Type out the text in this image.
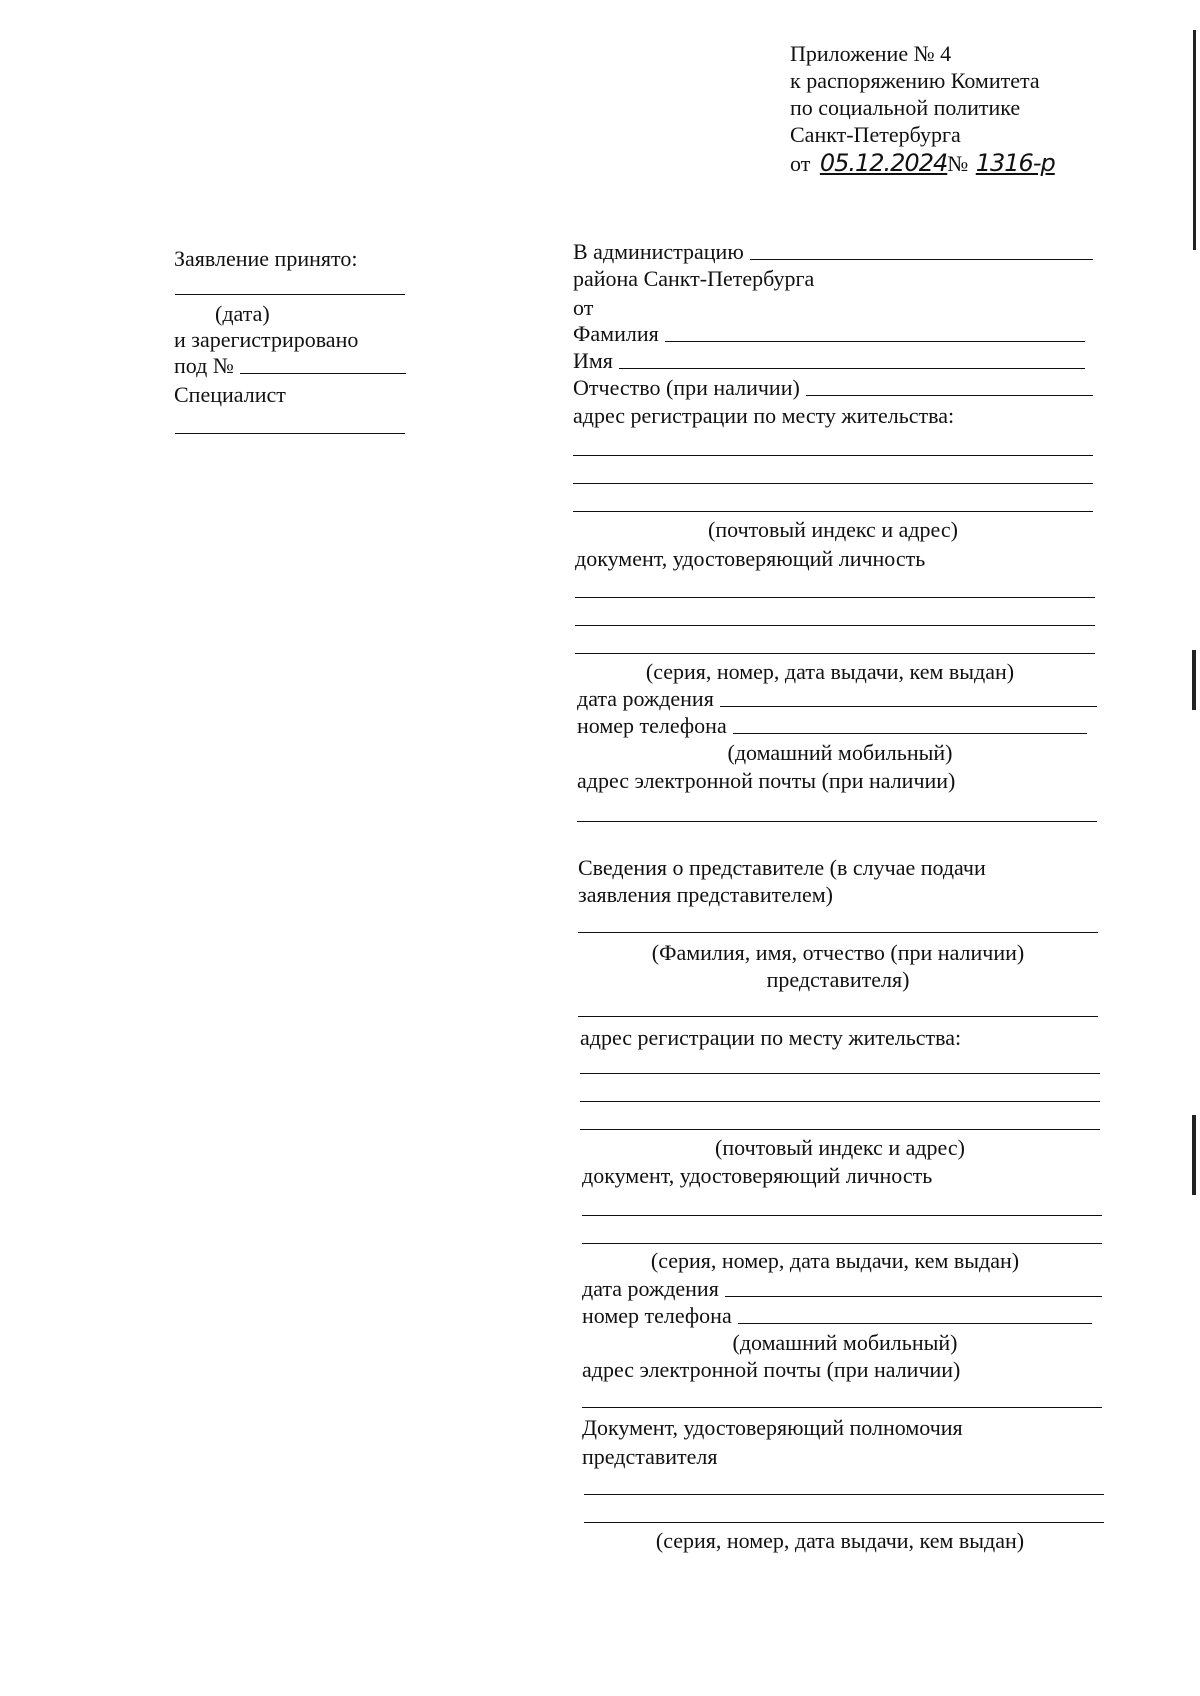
Приложение № 4
к распоряжению Комитета
по социальной политике
Санкт-Петербурга
от 05.12.2024№ 1316-р
Заявление принято:
(дата)
и зарегистрировано
под №
Специалист
В администрацию
района Санкт-Петербурга
от
Фамилия
Имя
Отчество (при наличии)
адрес регистрации по месту жительства:
(почтовый индекс и адрес)
документ, удостоверяющий личность
(серия, номер, дата выдачи, кем выдан)
дата рождения
номер телефона
(домашний мобильный)
адрес электронной почты (при наличии)
Сведения о представителе (в случае подачи
заявления представителем)
(Фамилия, имя, отчество (при наличии)
представителя)
адрес регистрации по месту жительства:
(почтовый индекс и адрес)
документ, удостоверяющий личность
(серия, номер, дата выдачи, кем выдан)
дата рождения
номер телефона
(домашний мобильный)
адрес электронной почты (при наличии)
Документ, удостоверяющий полномочия
представителя
(серия, номер, дата выдачи, кем выдан)
